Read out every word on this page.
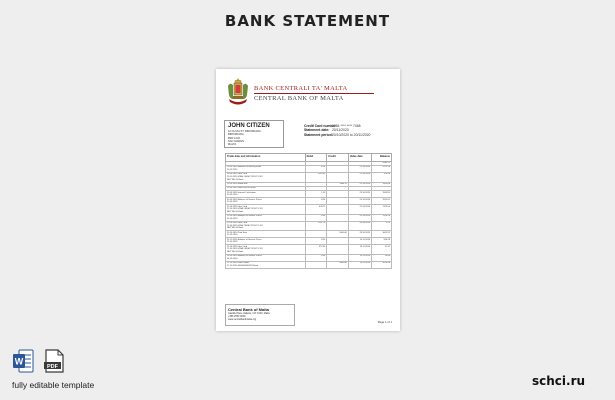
BANK STATEMENT
BANK CENTRALI TA' MALTA
CENTRAL BANK OF MALTA
JOHN CITIZEN
10 OLIVIA ST, BIRKIRKARA
BIRKIRKARA
BKR 1234
SAN GWANN
MALTA
Credit Card number:
1234 **** **** 7468
Statement date: 20/11/2020
Statement period: 20/10/2020 to 20/11/2020
Trade date and information	Debit	Credit	Value date	Balance
				2580.72
20.10.2020 Balance of service prices
20.11.2020	8.14		21.10.2020	2572.58
20.10.2020 Giro Card
20.11.2020 VISA/ OBJECTION TO NO
NET WK 00 Bank	2195.62		21.10.2020	376.96
20.10.2020 Billed sale		1188.12	22.10.2020	1565.08
20.10.2020 Direct 0078976968				
20.10.2020 Interest Calculation
20.10.2020	1.23		23.10.2020	1563.85
20.10.2020 Balance of Service Prices
20.10.2020	8.24		23.10.2020	1555.61
25.10.2020 Giro Card
25.10.2020 VISA/ OBJECTION TO NO
NET WK 00 Bank	433.11		25.10.2020	1122.50
25.10.2020 Balance of Service Prices
25.10.2020	8.24		25.10.2020	1114.26
25.10.2020 Giro Card
25.10.2020 VISA/ OBJECTION TO NO
NET WK 00 Bank	1111.74		26.10.2020	2.52
25.10.2020 Paid Sent
25.10.2020		1000.00	28.10.2020	1002.52
25.11.2020 Balance of Service Prices
26.10.2020	8.24		10.11.2020	994.28
25.10.2020 Giro Card
25.10.2020 VISA/ OBJECTION TO NO
NET WK 00 Bank	972.36		18.11.2020	21.92
26.10.2020 Balance of Service Prices
26.10.2020	8.24		19.11.2020	13.68
27.10.2020 Direct Debit
27.11.2020 0000000042025 Bank		1000.00	20.11.2020	1013.68
Central Bank of Malta
Castille Place Valletta, VLT 1060, Malta
+356 2550 0000
www.centralbankmalta.org
Page 1 of 1
W
PDF
fully editable template	schci.ru
